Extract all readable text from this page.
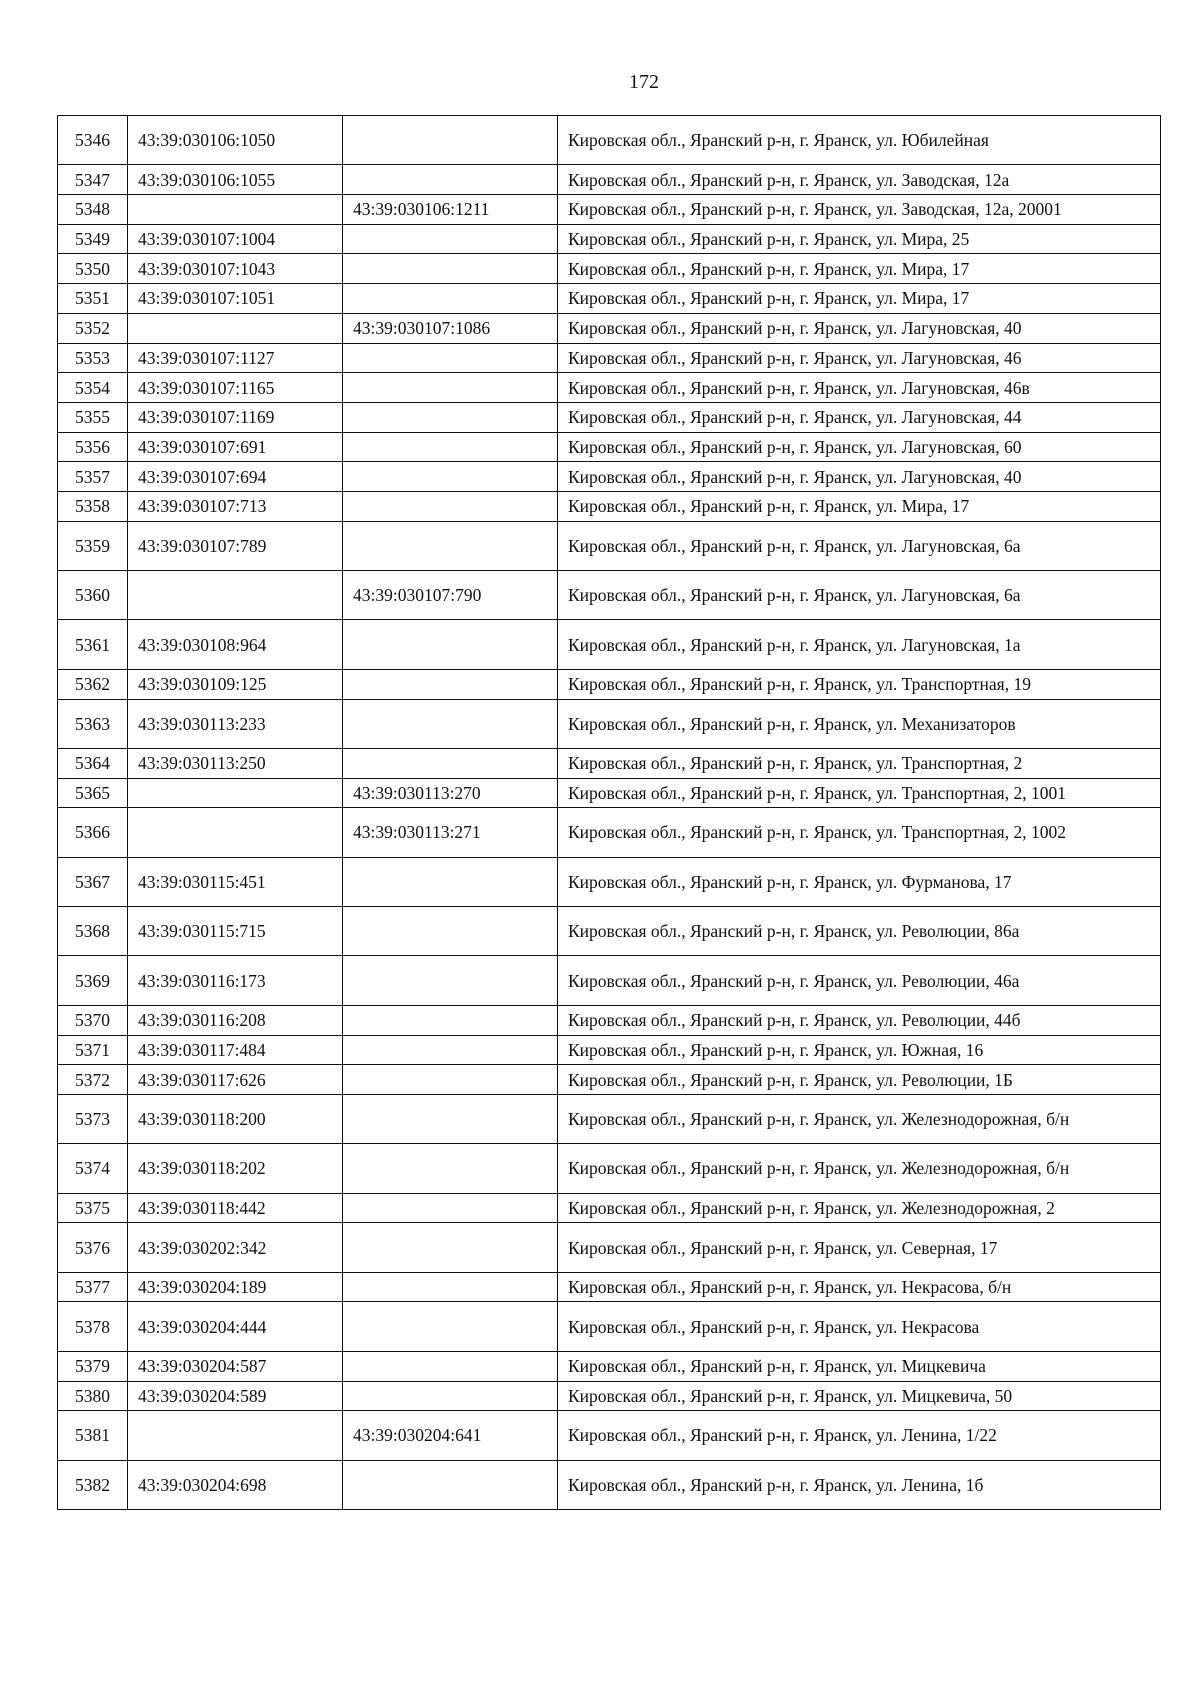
172
5346	43:39:030106:1050		Кировская обл., Яранский р-н, г. Яранск, ул. Юбилейная
5347	43:39:030106:1055		Кировская обл., Яранский р-н, г. Яранск, ул. Заводская, 12а
5348		43:39:030106:1211	Кировская обл., Яранский р-н, г. Яранск, ул. Заводская, 12а, 20001
5349	43:39:030107:1004		Кировская обл., Яранский р-н, г. Яранск, ул. Мира, 25
5350	43:39:030107:1043		Кировская обл., Яранский р-н, г. Яранск, ул. Мира, 17
5351	43:39:030107:1051		Кировская обл., Яранский р-н, г. Яранск, ул. Мира, 17
5352		43:39:030107:1086	Кировская обл., Яранский р-н, г. Яранск, ул. Лагуновская, 40
5353	43:39:030107:1127		Кировская обл., Яранский р-н, г. Яранск, ул. Лагуновская, 46
5354	43:39:030107:1165		Кировская обл., Яранский р-н, г. Яранск, ул. Лагуновская, 46в
5355	43:39:030107:1169		Кировская обл., Яранский р-н, г. Яранск, ул. Лагуновская, 44
5356	43:39:030107:691		Кировская обл., Яранский р-н, г. Яранск, ул. Лагуновская, 60
5357	43:39:030107:694		Кировская обл., Яранский р-н, г. Яранск, ул. Лагуновская, 40
5358	43:39:030107:713		Кировская обл., Яранский р-н, г. Яранск, ул. Мира, 17
5359	43:39:030107:789		Кировская обл., Яранский р-н, г. Яранск, ул. Лагуновская, 6а
5360		43:39:030107:790	Кировская обл., Яранский р-н, г. Яранск, ул. Лагуновская, 6а
5361	43:39:030108:964		Кировская обл., Яранский р-н, г. Яранск, ул. Лагуновская, 1а
5362	43:39:030109:125		Кировская обл., Яранский р-н, г. Яранск, ул. Транспортная, 19
5363	43:39:030113:233		Кировская обл., Яранский р-н, г. Яранск, ул. Механизаторов
5364	43:39:030113:250		Кировская обл., Яранский р-н, г. Яранск, ул. Транспортная, 2
5365		43:39:030113:270	Кировская обл., Яранский р-н, г. Яранск, ул. Транспортная, 2, 1001
5366		43:39:030113:271	Кировская обл., Яранский р-н, г. Яранск, ул. Транспортная, 2, 1002
5367	43:39:030115:451		Кировская обл., Яранский р-н, г. Яранск, ул. Фурманова, 17
5368	43:39:030115:715		Кировская обл., Яранский р-н, г. Яранск, ул. Революции, 86а
5369	43:39:030116:173		Кировская обл., Яранский р-н, г. Яранск, ул. Революции, 46а
5370	43:39:030116:208		Кировская обл., Яранский р-н, г. Яранск, ул. Революции, 44б
5371	43:39:030117:484		Кировская обл., Яранский р-н, г. Яранск, ул. Южная, 16
5372	43:39:030117:626		Кировская обл., Яранский р-н, г. Яранск, ул. Революции, 1Б
5373	43:39:030118:200		Кировская обл., Яранский р-н, г. Яранск, ул. Железнодорожная, б/н
5374	43:39:030118:202		Кировская обл., Яранский р-н, г. Яранск, ул. Железнодорожная, б/н
5375	43:39:030118:442		Кировская обл., Яранский р-н, г. Яранск, ул. Железнодорожная, 2
5376	43:39:030202:342		Кировская обл., Яранский р-н, г. Яранск, ул. Северная, 17
5377	43:39:030204:189		Кировская обл., Яранский р-н, г. Яранск, ул. Некрасова, б/н
5378	43:39:030204:444		Кировская обл., Яранский р-н, г. Яранск, ул. Некрасова
5379	43:39:030204:587		Кировская обл., Яранский р-н, г. Яранск, ул. Мицкевича
5380	43:39:030204:589		Кировская обл., Яранский р-н, г. Яранск, ул. Мицкевича, 50
5381		43:39:030204:641	Кировская обл., Яранский р-н, г. Яранск, ул. Ленина, 1/22
5382	43:39:030204:698		Кировская обл., Яранский р-н, г. Яранск, ул. Ленина, 1б
